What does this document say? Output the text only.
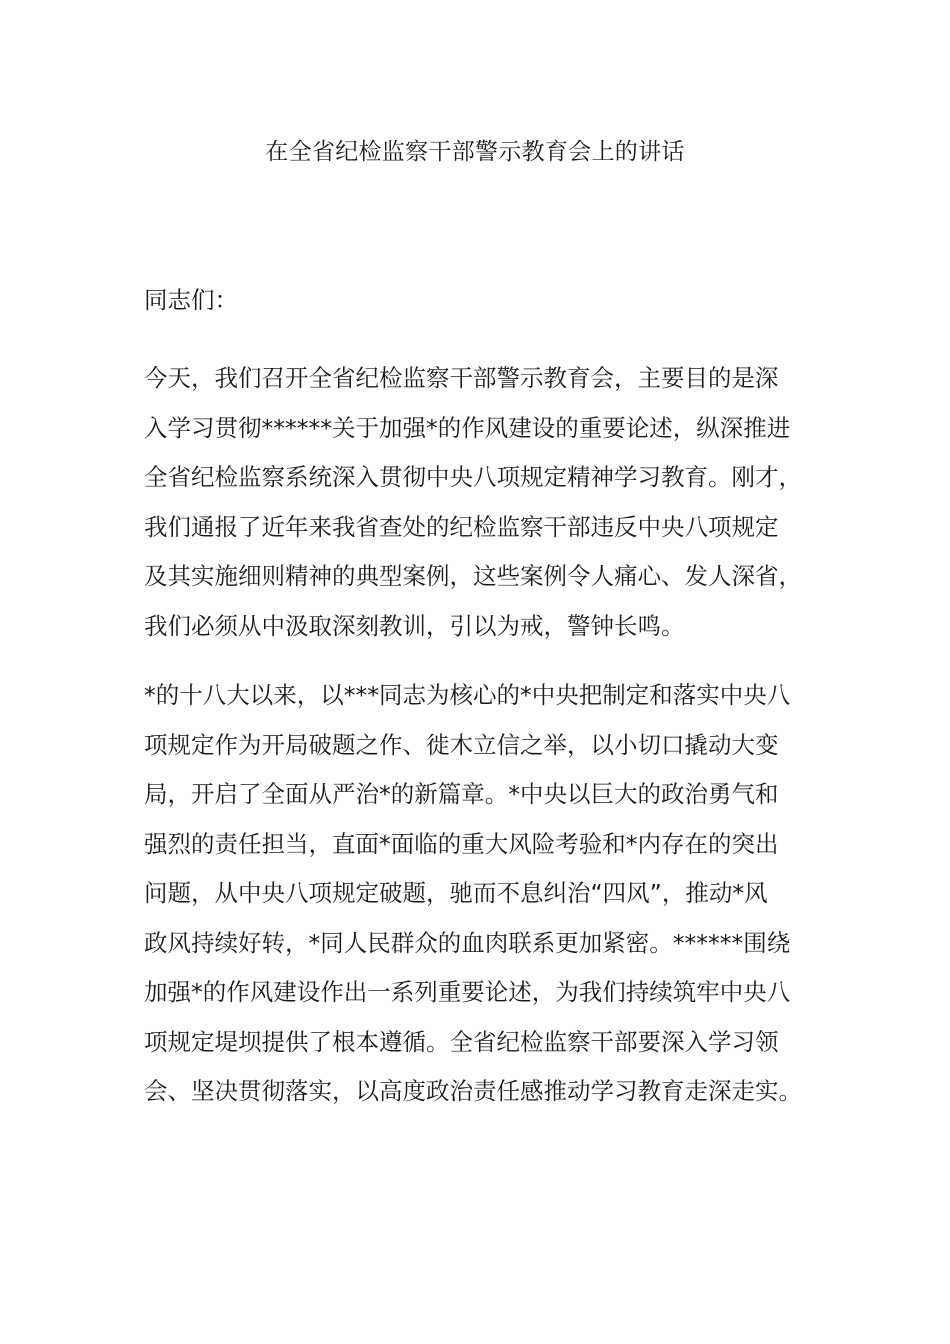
在全省纪检监察干部警示教育会上的讲话

同志们：

今天，我们召开全省纪检监察干部警示教育会，主要目的是深
入学习贯彻******关于加强*的作风建设的重要论述，纵深推进
全省纪检监察系统深入贯彻中央八项规定精神学习教育。刚才，
我们通报了近年来我省查处的纪检监察干部违反中央八项规定
及其实施细则精神的典型案例，这些案例令人痛心、发人深省，
我们必须从中汲取深刻教训，引以为戒，警钟长鸣。

*的十八大以来，以***同志为核心的*中央把制定和落实中央八
项规定作为开局破题之作、徙木立信之举，以小切口撬动大变
局，开启了全面从严治*的新篇章。*中央以巨大的政治勇气和
强烈的责任担当，直面*面临的重大风险考验和*内存在的突出
问题，从中央八项规定破题，驰而不息纠治“四风”，推动*风
政风持续好转，*同人民群众的血肉联系更加紧密。******围绕
加强*的作风建设作出一系列重要论述，为我们持续筑牢中央八
项规定堤坝提供了根本遵循。全省纪检监察干部要深入学习领
会、坚决贯彻落实，以高度政治责任感推动学习教育走深走实。
